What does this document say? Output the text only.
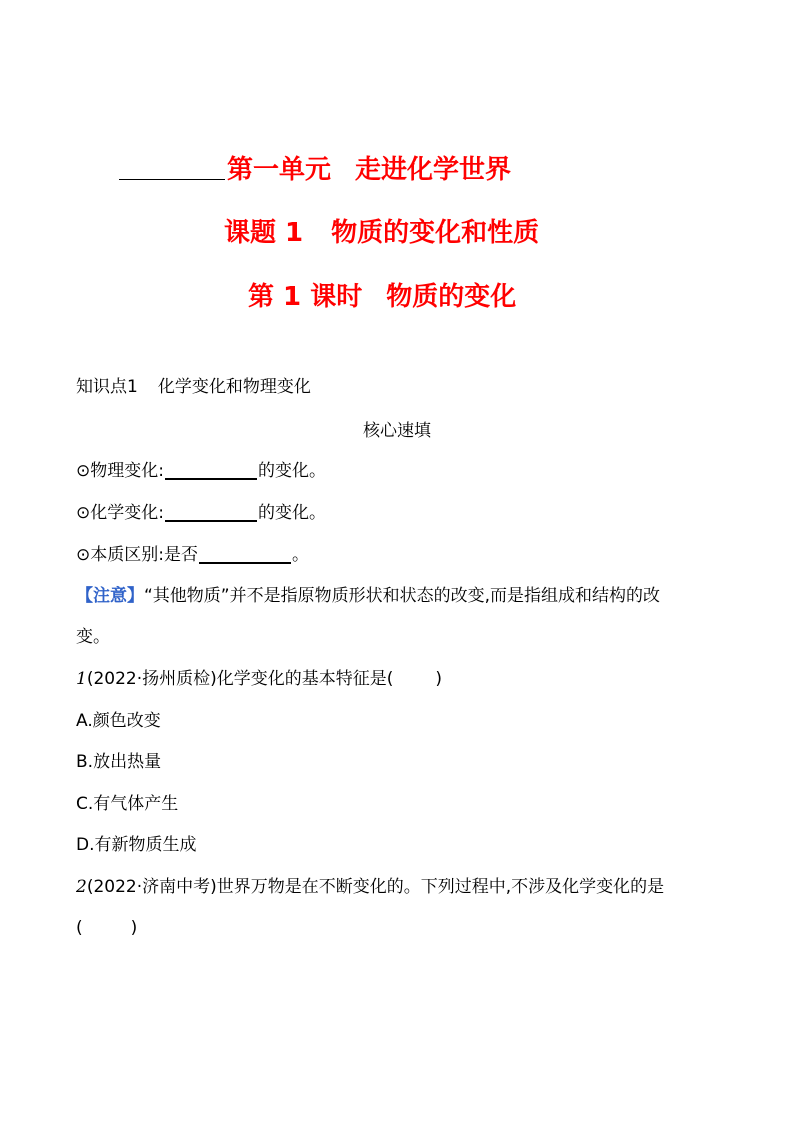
第一单元 走进化学世界
课题 1 物质的变化和性质
第 1 课时 物质的变化
知识点1 化学变化和物理变化
核心速填
⊙物理变化:	的变化。
⊙化学变化:	的变化。
⊙本质区别:是否	。
【注意】“其他物质”并不是指原物质形状和状态的改变,而是指组成和结构的改
变。
1(2022·扬州质检)化学变化的基本特征是( )
A.颜色改变
B.放出热量
C.有气体产生
D.有新物质生成
2(2022·济南中考)世界万物是在不断变化的。下列过程中,不涉及化学变化的是
(	)
